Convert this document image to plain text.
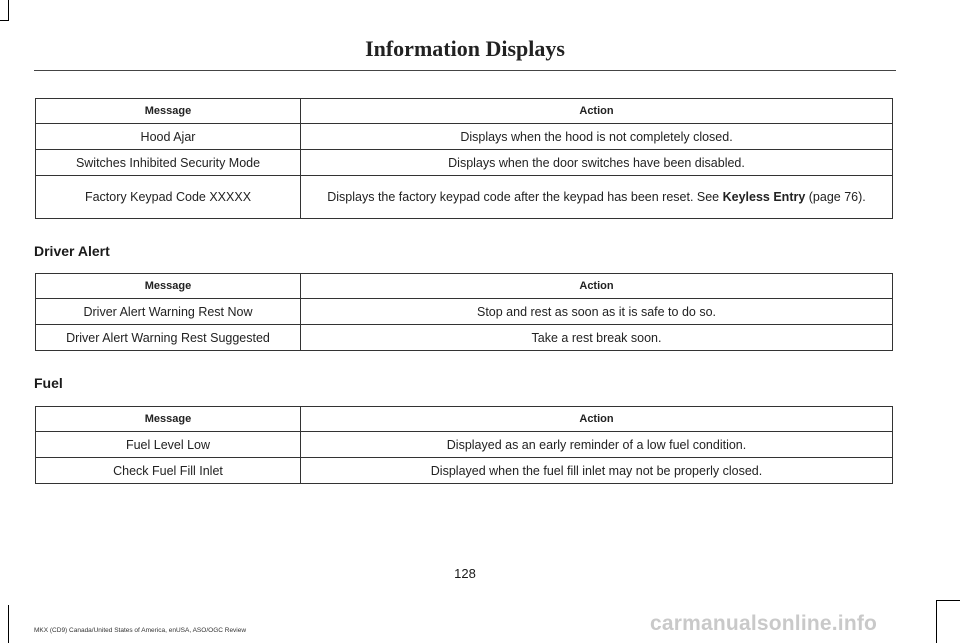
Information Displays
Message	Action
Hood Ajar	Displays when the hood is not completely closed.
Switches Inhibited Security Mode	Displays when the door switches have been disabled.
Factory Keypad Code XXXXX	Displays the factory keypad code after the keypad has been reset. See Keyless Entry (page 76).
Driver Alert
Message	Action
Driver Alert Warning Rest Now	Stop and rest as soon as it is safe to do so.
Driver Alert Warning Rest Suggested	Take a rest break soon.
Fuel
Message	Action
Fuel Level Low	Displayed as an early reminder of a low fuel condition.
Check Fuel Fill Inlet	Displayed when the fuel fill inlet may not be properly closed.
128
MKX (CD9) Canada/United States of America, enUSA, ASO/OGC Review	carmanualsonline.info
